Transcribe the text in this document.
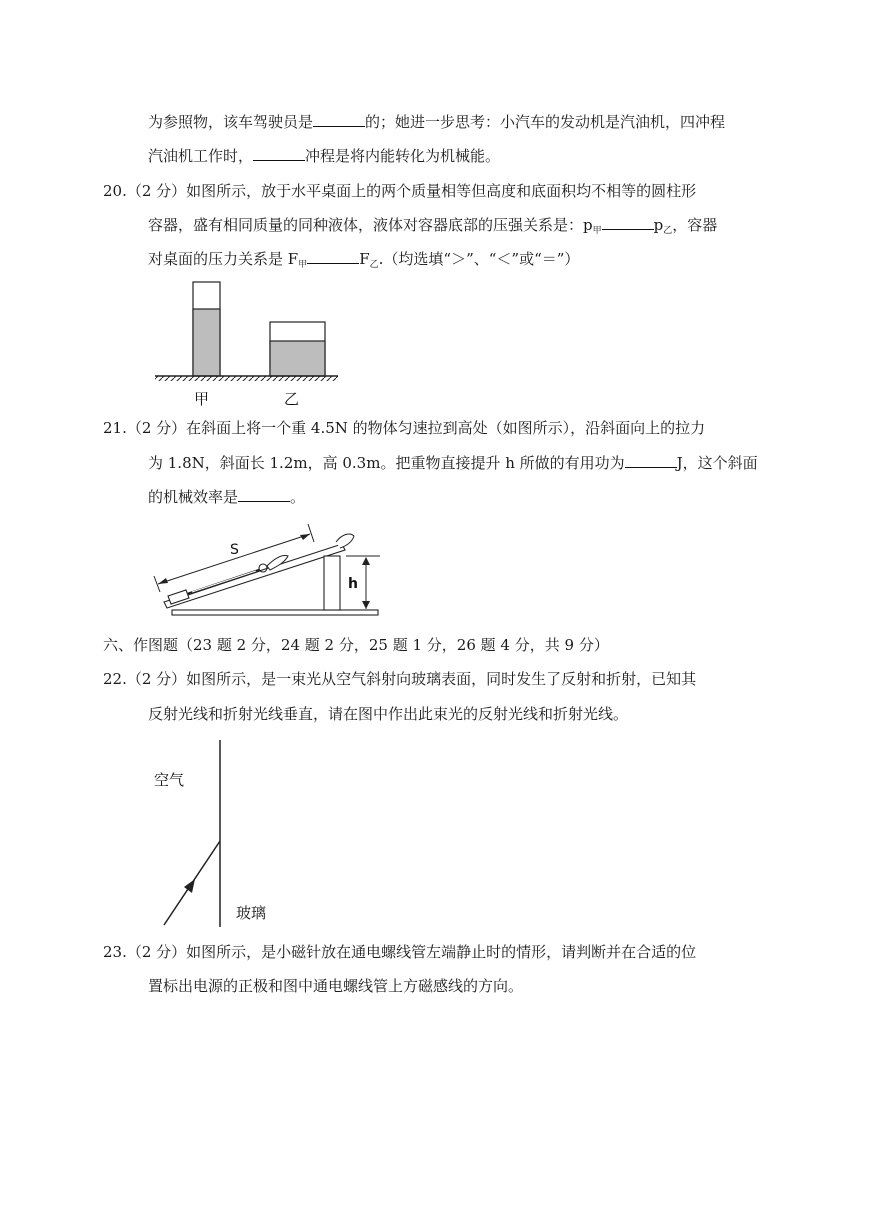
为参照物，该车驾驶员是	的；她进一步思考：小汽车的发动机是汽油机，四冲程
汽油机工作时，	冲程是将内能转化为机械能。
20.（2 分）如图所示，放于水平桌面上的两个质量相等但高度和底面积均不相等的圆柱形
容器，盛有相同质量的同种液体，液体对容器底部的压强关系是：$p_甲$	$p_乙$，容器
对桌面的压力关系是 $F_甲$	$F_乙$.（均选填“＞”、“＜”或“＝”）
甲	乙
21.（2 分）在斜面上将一个重 4.5N 的物体匀速拉到高处（如图所示），沿斜面向上的拉力
为 1.8N，斜面长 1.2m，高 0.3m。把重物直接提升 h 所做的有用功为	J，这个斜面
的机械效率是	。
S
h
六、作图题（23 题 2 分，24 题 2 分，25 题 1 分，26 题 4 分，共 9 分）
22.（2 分）如图所示，是一束光从空气斜射向玻璃表面，同时发生了反射和折射，已知其
反射光线和折射光线垂直，请在图中作出此束光的反射光线和折射光线。
空气
玻璃
23.（2 分）如图所示，是小磁针放在通电螺线管左端静止时的情形，请判断并在合适的位
置标出电源的正极和图中通电螺线管上方磁感线的方向。
